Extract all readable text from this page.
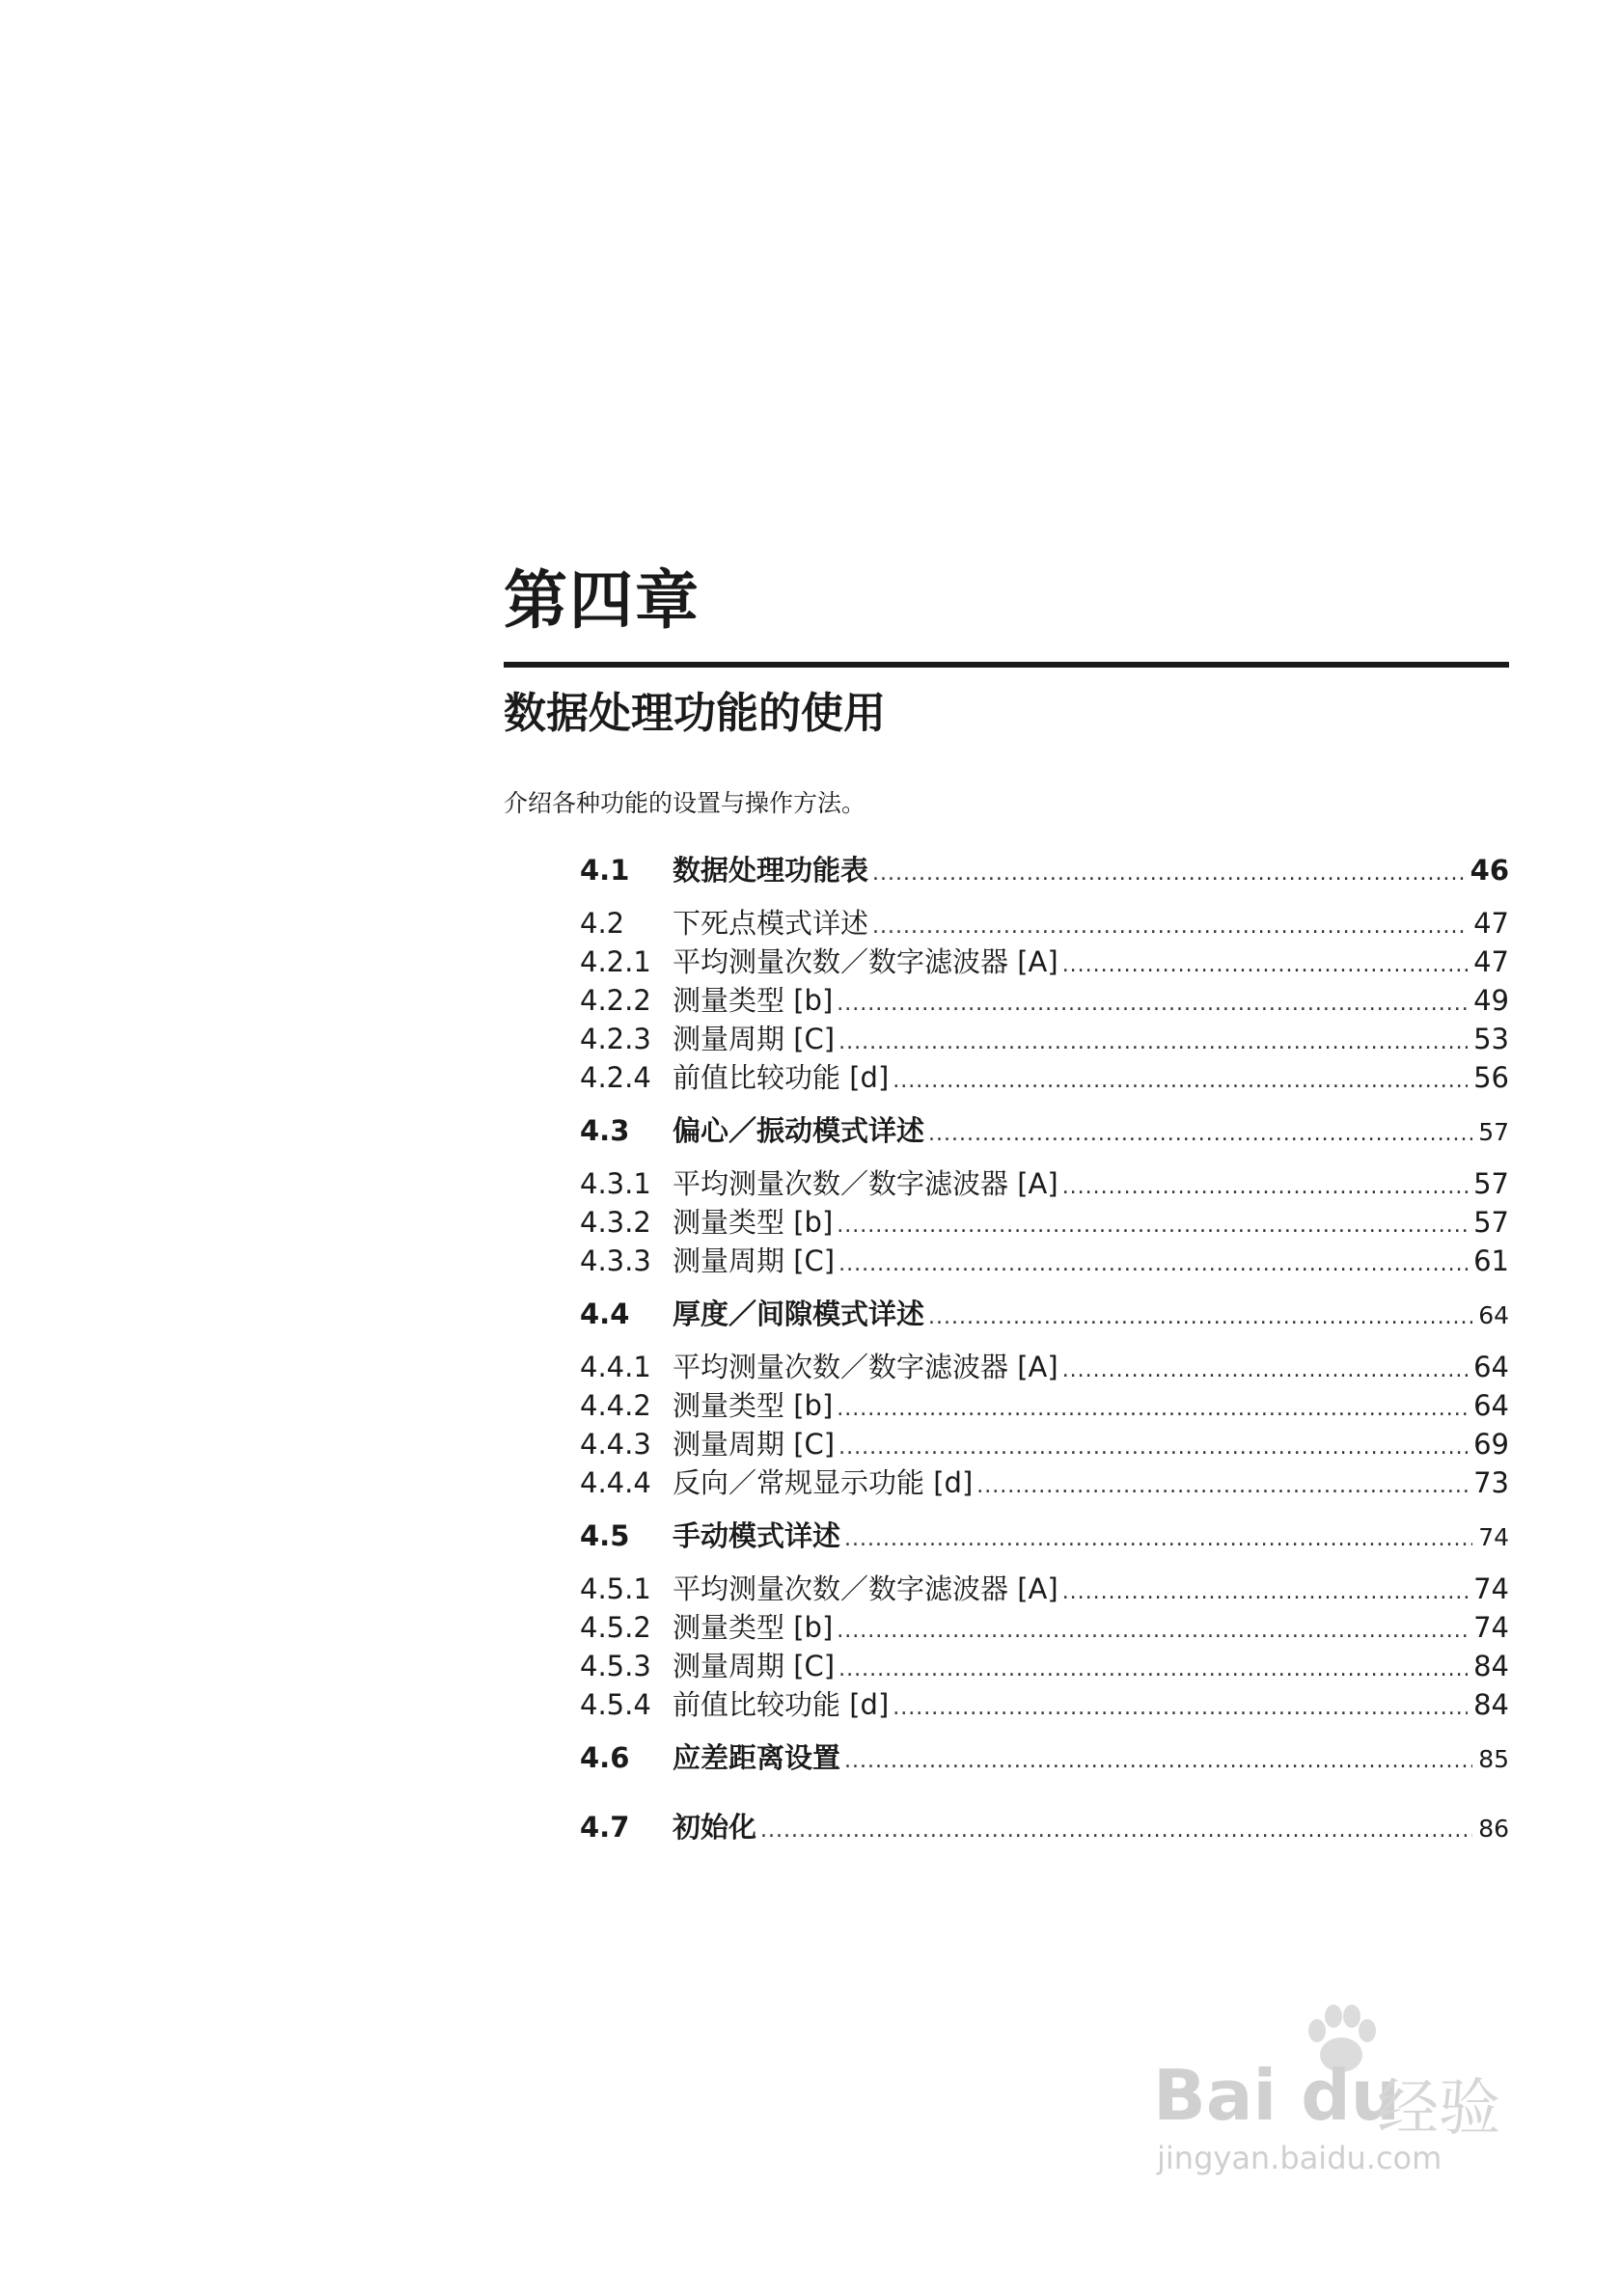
第四章
数据处理功能的使用
介绍各种功能的设置与操作方法。
4.1	数据处理功能表 .....	46
4.2	下死点模式详述 .....	47
4.2.1 平均测量次数／数字滤波器 [A] .....	47
4.2.2 测量类型 [b] .....	49
4.2.3 测量周期 [C] .....	53
4.2.4 前值比较功能 [d] .....	56
4.3	偏心／振动模式详述 .....	57
4.3.1 平均测量次数／数字滤波器 [A] .....	57
4.3.2 测量类型 [b] .....	57
4.3.3 测量周期 [C] .....	61
4.4	厚度／间隙模式详述 .....	64
4.4.1 平均测量次数／数字滤波器 [A] .....	64
4.4.2 测量类型 [b] .....	64
4.4.3 测量周期 [C] .....	69
4.4.4 反向／常规显示功能 [d] .....	73
4.5	手动模式详述 .....	74
4.5.1 平均测量次数／数字滤波器 [A] .....	74
4.5.2 测量类型 [b] .....	74
4.5.3 测量周期 [C] .....	84
4.5.4 前值比较功能 [d] .....	84
4.6	应差距离设置 .....	85
4.7	初始化 .....	86
Bai du
经验
jingyan.baidu.com
